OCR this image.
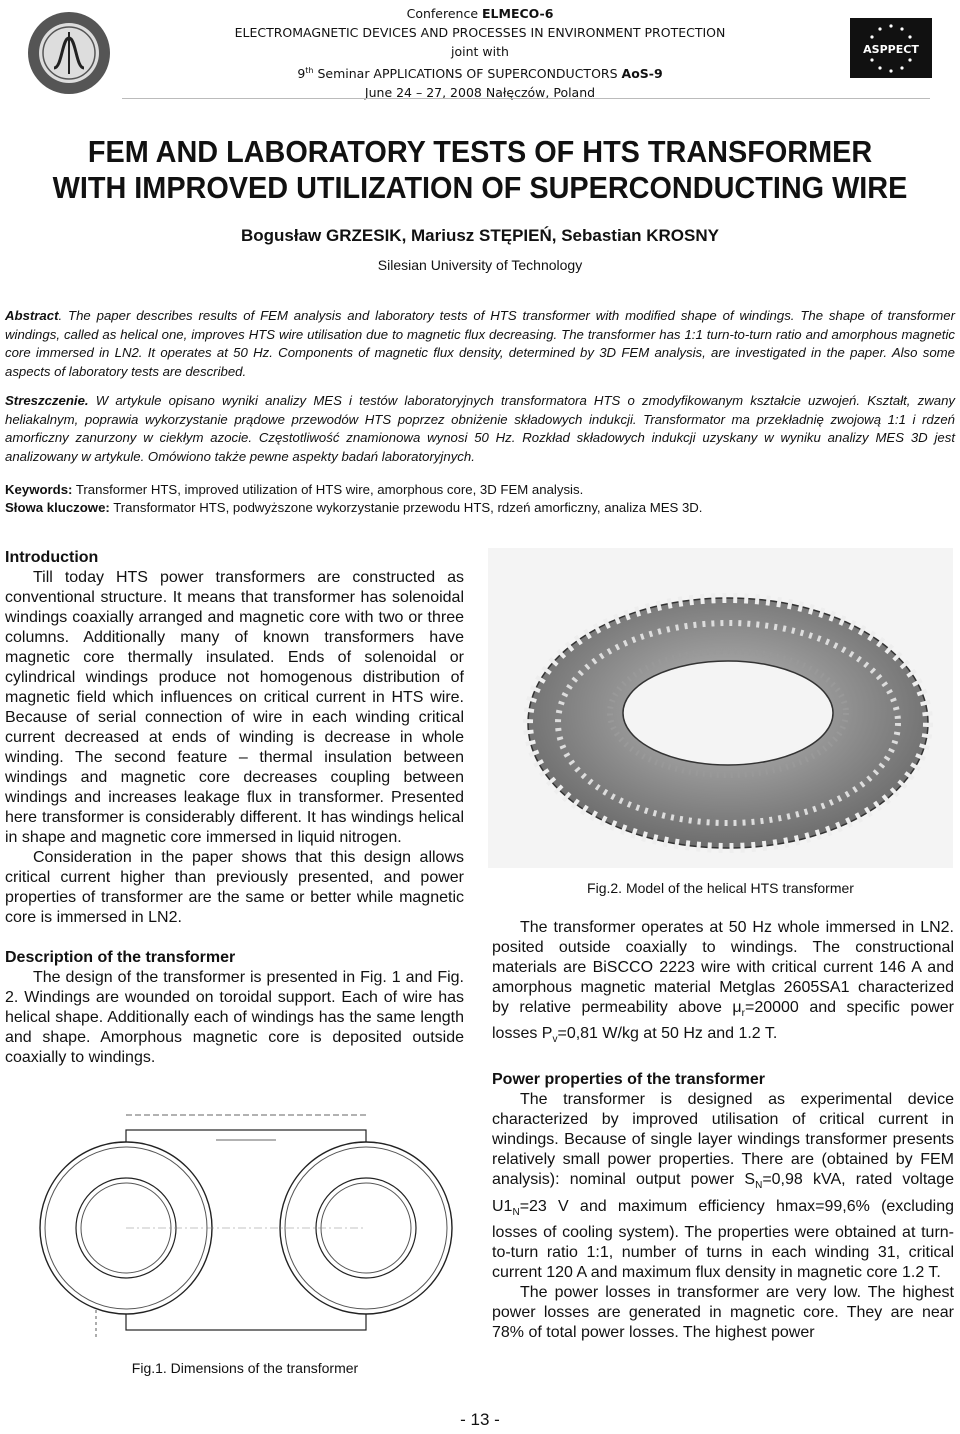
Conference ELMECO-6
ELECTROMAGNETIC DEVICES AND PROCESSES IN ENVIRONMENT PROTECTION
joint with
9th Seminar APPLICATIONS OF SUPERCONDUCTORS AoS-9
June 24 – 27, 2008 Nałęczów, Poland
ASPPECT
FEM AND LABORATORY TESTS OF HTS TRANSFORMER
WITH IMPROVED UTILIZATION OF SUPERCONDUCTING WIRE
Bogusław GRZESIK, Mariusz STĘPIEŃ, Sebastian KROSNY
Silesian University of Technology
Abstract. The paper describes results of FEM analysis and laboratory tests of HTS transformer with modified shape of windings. The shape of transformer windings, called as helical one, improves HTS wire utilisation due to magnetic flux decreasing. The transformer has 1:1 turn-to-turn ratio and amorphous magnetic core immersed in LN2. It operates at 50 Hz. Components of magnetic flux density, determined by 3D FEM analysis, are investigated in the paper. Also some aspects of laboratory tests are described.
Streszczenie. W artykule opisano wyniki analizy MES i testów laboratoryjnych transformatora HTS o zmodyfikowanym kształcie uzwojeń. Kształt, zwany heliakalnym, poprawia wykorzystanie prądowe przewodów HTS poprzez obniżenie składowych indukcji. Transformator ma przekładnię zwojową 1:1 i rdzeń amorficzny zanurzony w ciekłym azocie. Częstotliwość znamionowa wynosi 50 Hz. Rozkład składowych indukcji uzyskany w wyniku analizy MES 3D jest analizowany w artykule. Omówiono także pewne aspekty badań laboratoryjnych.
Keywords: Transformer HTS, improved utilization of HTS wire, amorphous core, 3D FEM analysis.
Słowa kluczowe: Transformator HTS, podwyższone wykorzystanie przewodu HTS, rdzeń amorficzny, analiza MES 3D.
Introduction

Till today HTS power transformers are constructed as conventional structure. It means that transformer has solenoidal windings coaxially arranged and magnetic core with two or three columns. Additionally many of known transformers have magnetic core thermally insulated. Ends of solenoidal or cylindrical windings produce not homogenous distribution of magnetic field which influences on critical current in HTS wire. Because of serial connection of wire in each winding critical current decreased at ends of winding is decrease in whole winding. The second feature – thermal insulation between windings and magnetic core decreases coupling between windings and increases leakage flux in transformer. Presented here transformer is considerably different. It has windings helical in shape and magnetic core immersed in liquid nitrogen.

Consideration in the paper shows that this design allows critical current higher than previously presented, and power properties of transformer are the same or better while magnetic core is immersed in LN2.

Description of the transformer

The design of the transformer is presented in Fig. 1 and Fig. 2. Windings are wounded on toroidal support. Each of wire has helical shape. Additionally each of windings has the same length and shape. Amorphous magnetic core is deposited outside coaxially to windings.

Fig.1. Dimensions of the transformer
Fig.2. Model of the helical HTS transformer

The transformer operates at 50 Hz whole immersed in LN2. posited outside coaxially to windings. The constructional materials are BiSCCO 2223 wire with critical current 146 A and amorphous magnetic material Metglas 2605SA1 characterized by relative permeability above $\mu_r=20000$ and specific power losses $P_v=0,81$ W/kg at 50 Hz and 1.2 T.

Power properties of the transformer

The transformer is designed as experimental device characterized by improved utilisation of critical current in windings. Because of single layer windings transformer presents relatively small power properties. There are (obtained by FEM analysis): nominal output power $S_N=0,98$ kVA, rated voltage $U1_N=23$ V and maximum efficiency hmax=99,6% (excluding losses of cooling system). The properties were obtained at turn-to-turn ratio 1:1, number of turns in each winding 31, critical current 120 A and maximum flux density in magnetic core 1.2 T.

The power losses in transformer are very low. The highest power losses are generated in magnetic core. They are near 78% of total power losses. The highest power

- 13 -
